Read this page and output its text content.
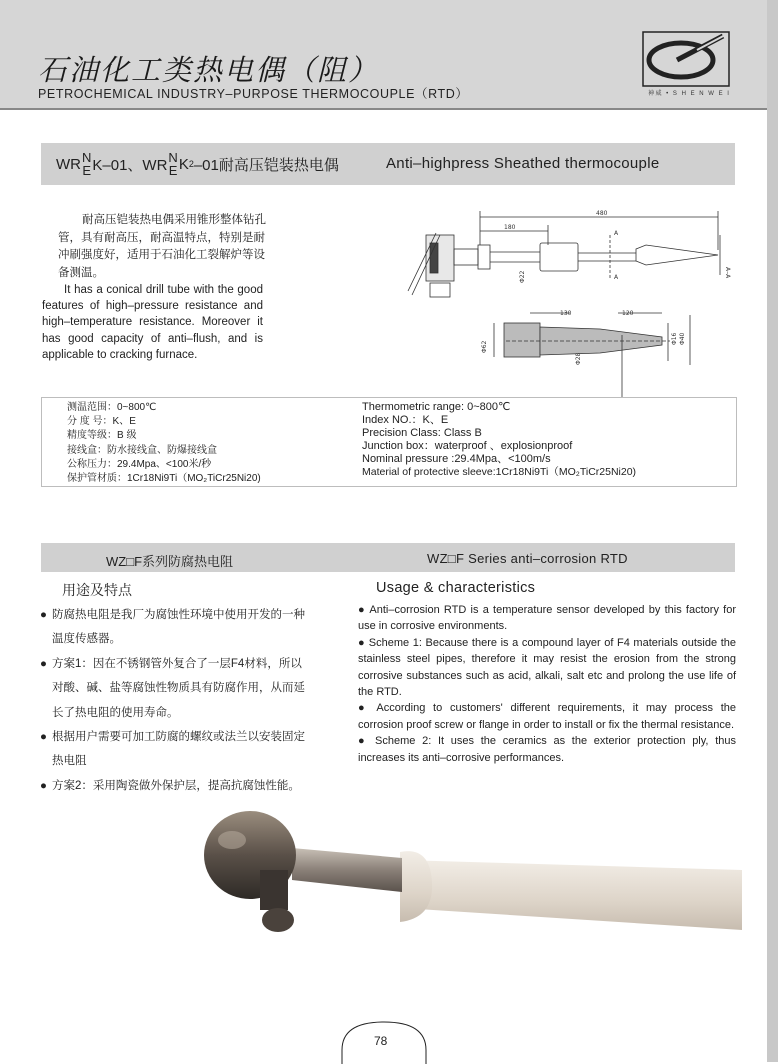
石油化工类热电偶（阻）
PETROCHEMICAL INDUSTRY–PURPOSE THERMOCOUPLE（RTD）	神威 • S H E N W E I
WR N
E K–01、WR N
E K 2 –01耐高压铠装热电偶	Anti–highpress Sheathed thermocouple
耐高压铠装热电偶采用锥形整体钻孔管，具有耐高压，耐高温特点，特别是耐冲刷强度好，适用于石油化工裂解炉等设备测温。
It has a conical drill tube with the good features of high–pressure resistance and high–temperature resistance. Moreover it has good capacity of anti–flush, and is applicable to cracking furnace.
480
180
130	120
A
A	A–A
Φ22
Φ62
Φ28
Φ40
Φ16
测温范围：0~800℃
分 度 号：K、E
精度等级：B 级
接线盒：防水接线盒、防爆接线盒
公称压力：29.4Mpa、<100米/秒
保护管材质：1Cr18Ni9Ti（MO₂TiCr25Ni20)
Thermometric range: 0~800℃
Index NO.：K、E
Precision Class: Class B
Junction box：waterproof 、explosionproof
Nominal pressure :29.4Mpa、<100m/s
Material of protective sleeve:1Cr18Ni9Ti（MO₂TiCr25Ni20)
WZ□F系列防腐热电阻	WZ□F Series anti–corrosion RTD
用途及特点	Usage & characteristics
● 防腐热电阻是我厂为腐蚀性环境中使用开发的一种
温度传感器。
● 方案1：因在不锈钢管外复合了一层F4材料，所以
对酸、碱、盐等腐蚀性物质具有防腐作用，从而延
长了热电阻的使用寿命。
● 根据用户需要可加工防腐的螺纹或法兰以安装固定
热电阻
● 方案2：采用陶瓷做外保护层，提高抗腐蚀性能。
● Anti–corrosion RTD is a temperature sensor developed by this factory for use in corrosive environments.
● Scheme 1: Because there is a compound layer of F4 materials outside the stainless steel pipes, therefore it may resist the erosion from the strong corrosive substances such as acid, alkali, salt etc and prolong the use life of the RTD.
● According to customers' different requirements, it may process the corrosion proof screw or flange in order to install or fix the thermal resistance.
● Scheme 2: It uses the ceramics as the exterior protection ply, thus increases its anti–corrosive performances.
78
